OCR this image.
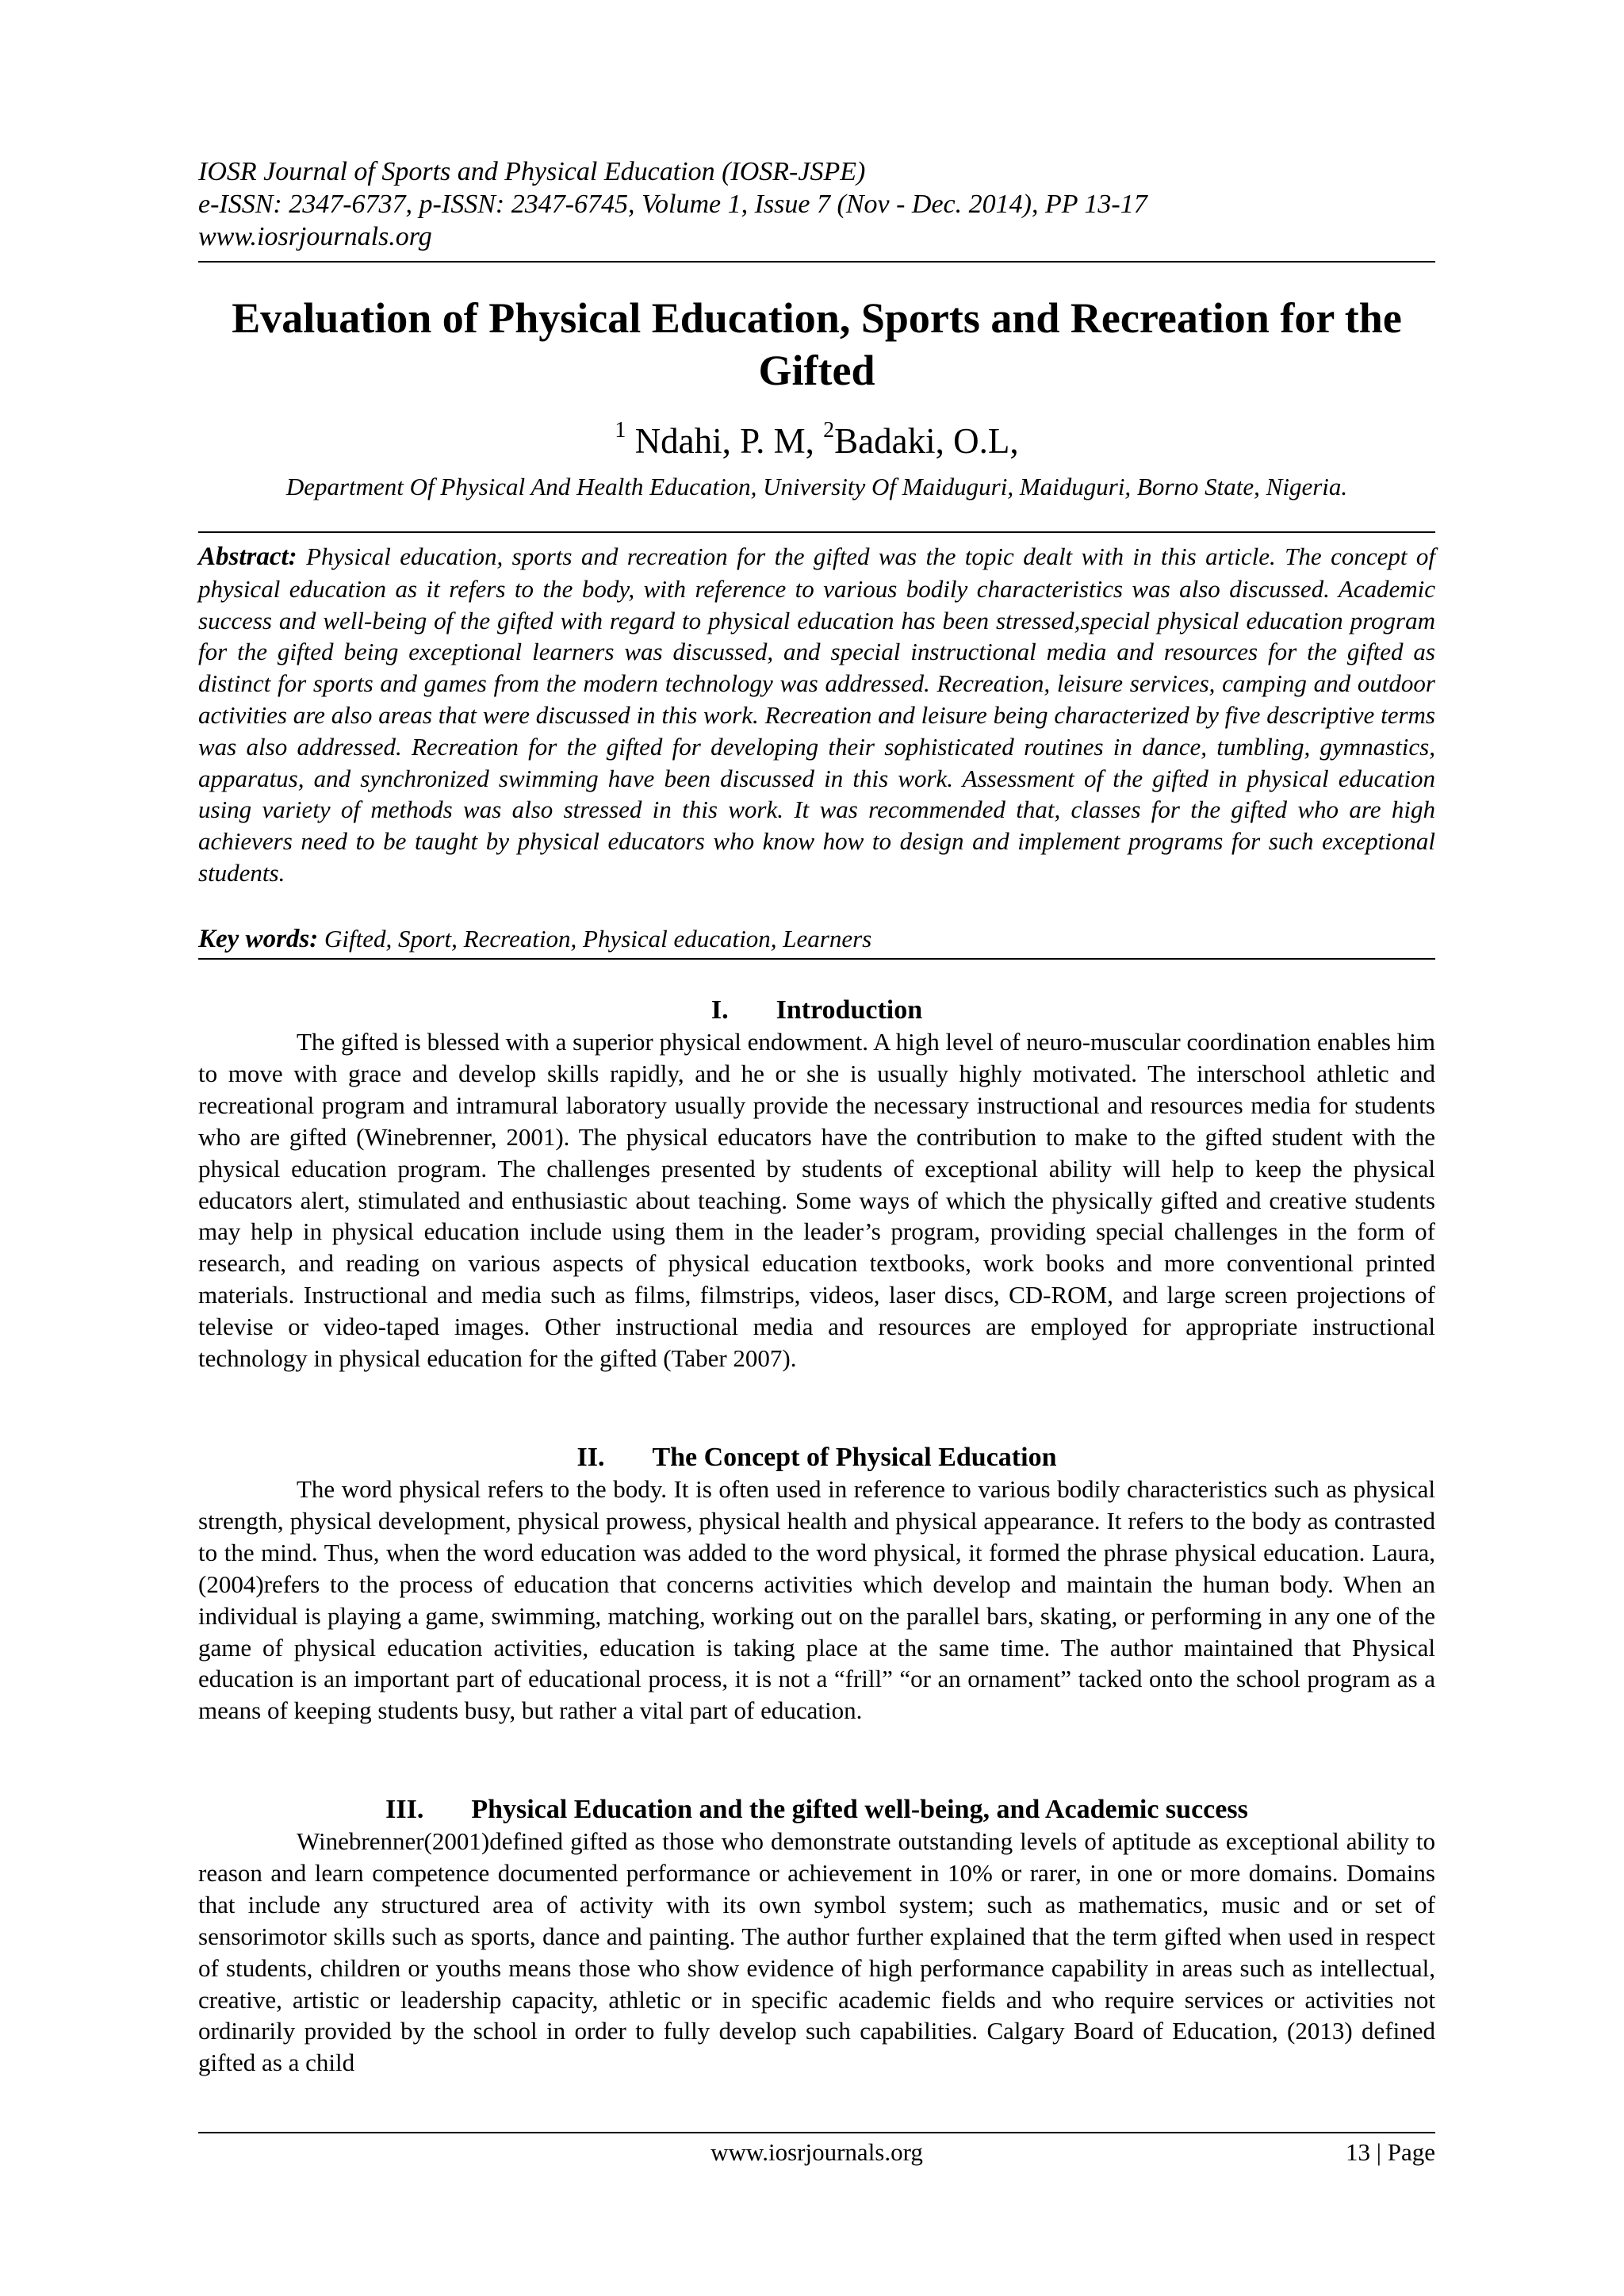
IOSR Journal of Sports and Physical Education (IOSR-JSPE)
e-ISSN: 2347-6737, p-ISSN: 2347-6745, Volume 1, Issue 7 (Nov - Dec. 2014), PP 13-17
www.iosrjournals.org
Evaluation of Physical Education, Sports and Recreation for the Gifted
$^1$ Ndahi, P. M, $^2$Badaki, O.L,
Department Of Physical And Health Education, University Of Maiduguri, Maiduguri, Borno State, Nigeria.
Abstract: Physical education, sports and recreation for the gifted was the topic dealt with in this article. The concept of physical education as it refers to the body, with reference to various bodily characteristics was also discussed. Academic success and well-being of the gifted with regard to physical education has been stressed,special physical education program for the gifted being exceptional learners was discussed, and special instructional media and resources for the gifted as distinct for sports and games from the modern technology was addressed. Recreation, leisure services, camping and outdoor activities are also areas that were discussed in this work. Recreation and leisure being characterized by five descriptive terms was also addressed. Recreation for the gifted for developing their sophisticated routines in dance, tumbling, gymnastics, apparatus, and synchronized swimming have been discussed in this work. Assessment of the gifted in physical education using variety of methods was also stressed in this work. It was recommended that, classes for the gifted who are high achievers need to be taught by physical educators who know how to design and implement programs for such exceptional students.
Key words: Gifted, Sport, Recreation, Physical education, Learners
I. Introduction
The gifted is blessed with a superior physical endowment. A high level of neuro-muscular coordination enables him to move with grace and develop skills rapidly, and he or she is usually highly motivated. The interschool athletic and recreational program and intramural laboratory usually provide the necessary instructional and resources media for students who are gifted (Winebrenner, 2001). The physical educators have the contribution to make to the gifted student with the physical education program. The challenges presented by students of exceptional ability will help to keep the physical educators alert, stimulated and enthusiastic about teaching. Some ways of which the physically gifted and creative students may help in physical education include using them in the leader’s program, providing special challenges in the form of research, and reading on various aspects of physical education textbooks, work books and more conventional printed materials. Instructional and media such as films, filmstrips, videos, laser discs, CD-ROM, and large screen projections of televise or video-taped images. Other instructional media and resources are employed for appropriate instructional technology in physical education for the gifted (Taber 2007).
II. The Concept of Physical Education
The word physical refers to the body. It is often used in reference to various bodily characteristics such as physical strength, physical development, physical prowess, physical health and physical appearance. It refers to the body as contrasted to the mind. Thus, when the word education was added to the word physical, it formed the phrase physical education. Laura, (2004)refers to the process of education that concerns activities which develop and maintain the human body. When an individual is playing a game, swimming, matching, working out on the parallel bars, skating, or performing in any one of the game of physical education activities, education is taking place at the same time. The author maintained that Physical education is an important part of educational process, it is not a “frill” “or an ornament” tacked onto the school program as a means of keeping students busy, but rather a vital part of education.
III. Physical Education and the gifted well-being, and Academic success
Winebrenner(2001)defined gifted as those who demonstrate outstanding levels of aptitude as exceptional ability to reason and learn competence documented performance or achievement in 10% or rarer, in one or more domains. Domains that include any structured area of activity with its own symbol system; such as mathematics, music and or set of sensorimotor skills such as sports, dance and painting. The author further explained that the term gifted when used in respect of students, children or youths means those who show evidence of high performance capability in areas such as intellectual, creative, artistic or leadership capacity, athletic or in specific academic fields and who require services or activities not ordinarily provided by the school in order to fully develop such capabilities. Calgary Board of Education, (2013) defined gifted as a child
www.iosrjournals.org	13 | Page
